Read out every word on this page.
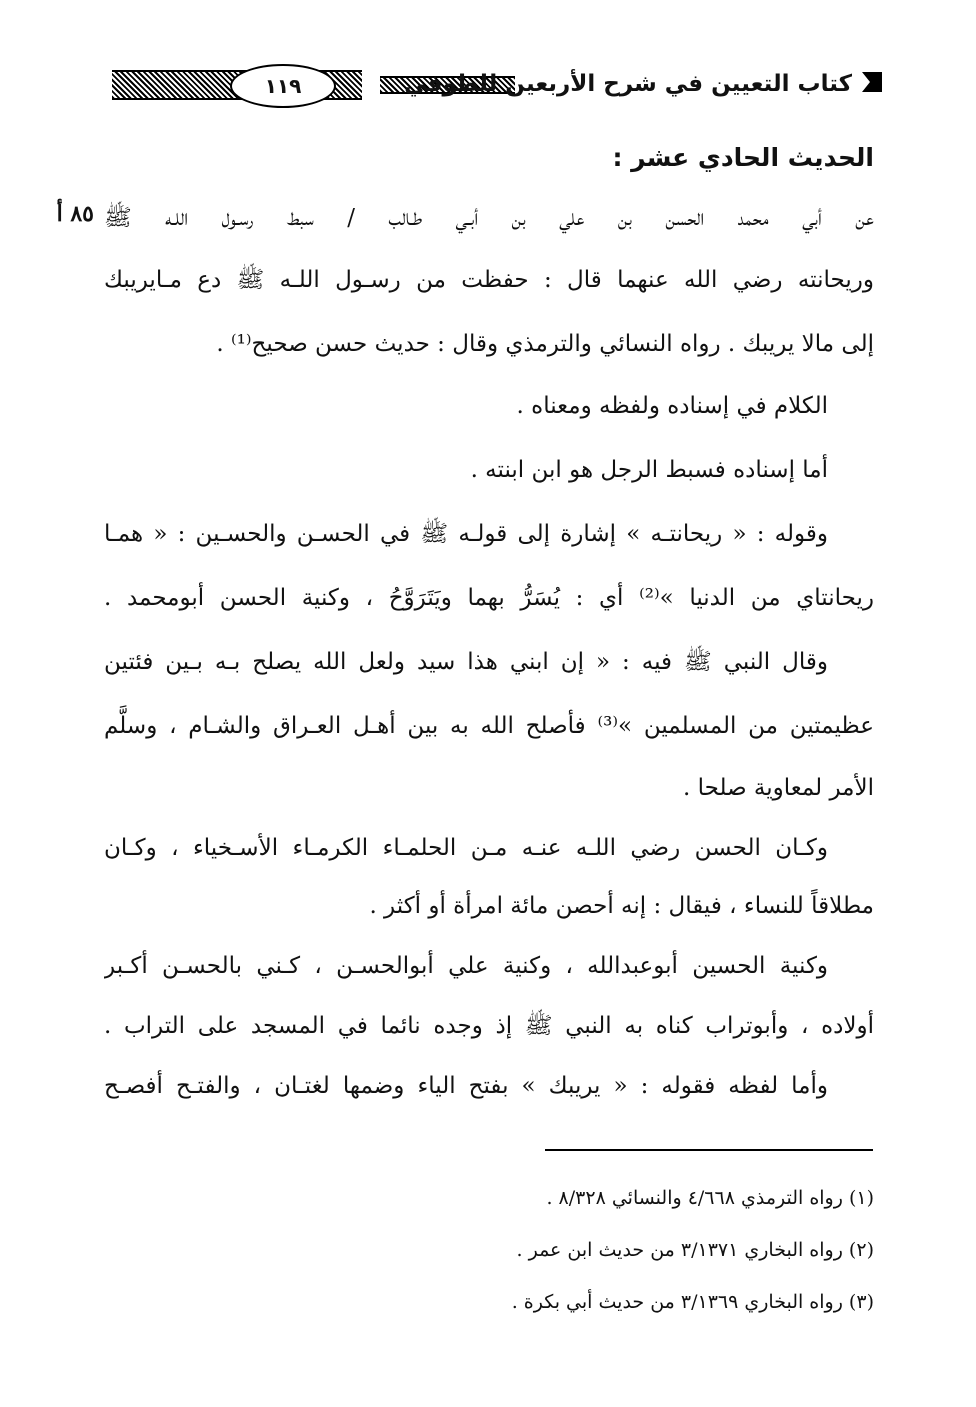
١١٩	كتاب التعيين في شرح الأربعين للطوفي
الحديث الحادي عشر :
٨٥ أ عن أبي محمد الحسن بن علي بن أبـي طـالب / سبط رسـول اللـه ﷺ
وريحانته رضي الله عنهما قال : حفظت من رسـول اللـه ﷺ دع مـايريبك
إلى مالا يريبك . رواه النسائي والترمذي وقال : حديث حسن صحيح⁽¹⁾ .
الكلام في إسناده ولفظه ومعناه .
أما إسناده فسبط الرجل هو ابن ابنته .
وقوله : « ريحانتـه » إشارة إلى قولـه ﷺ في الحسـن والحسـين : « همـا
ريحانتاي من الدنيا »⁽²⁾ أي : يُسَرُّ بهما ويَتَرَوَّحُ ، وكنية الحسن أبومحمد .
وقال النبي ﷺ فيه : « إن ابني هذا سيد ولعل الله يصلح بـه بـين فئتين
عظيمتين من المسلمين »⁽³⁾ فأصلح الله به بين أهـل العـراق والشـام ، وسلَّم
الأمر لمعاوية صلحا .
وكـان الحسن رضي اللـه عنـه مـن الحلمـاء الكرمـاء الأسـخياء ، وكـان
مطلاقاً للنساء ، فيقال : إنه أحصن مائة امرأة أو أكثر .
وكنية الحسين أبوعبدالله ، وكنية علي أبوالحسـن ، كـني بالحسـن أكـبر
أولاده ، وأبوتراب كناه به النبي ﷺ إذ وجده نائما في المسجد على التراب .
وأما لفظه فقوله : « يريبك » بفتح الياء وضمها لغتـان ، والفتـح أفصـح
(١) رواه الترمذي ٤/٦٦٨ والنسائي ٨/٣٢٨ .
(٢) رواه البخاري ٣/١٣٧١ من حديث ابن عمر .
(٣) رواه البخاري ٣/١٣٦٩ من حديث أبي بكرة .
